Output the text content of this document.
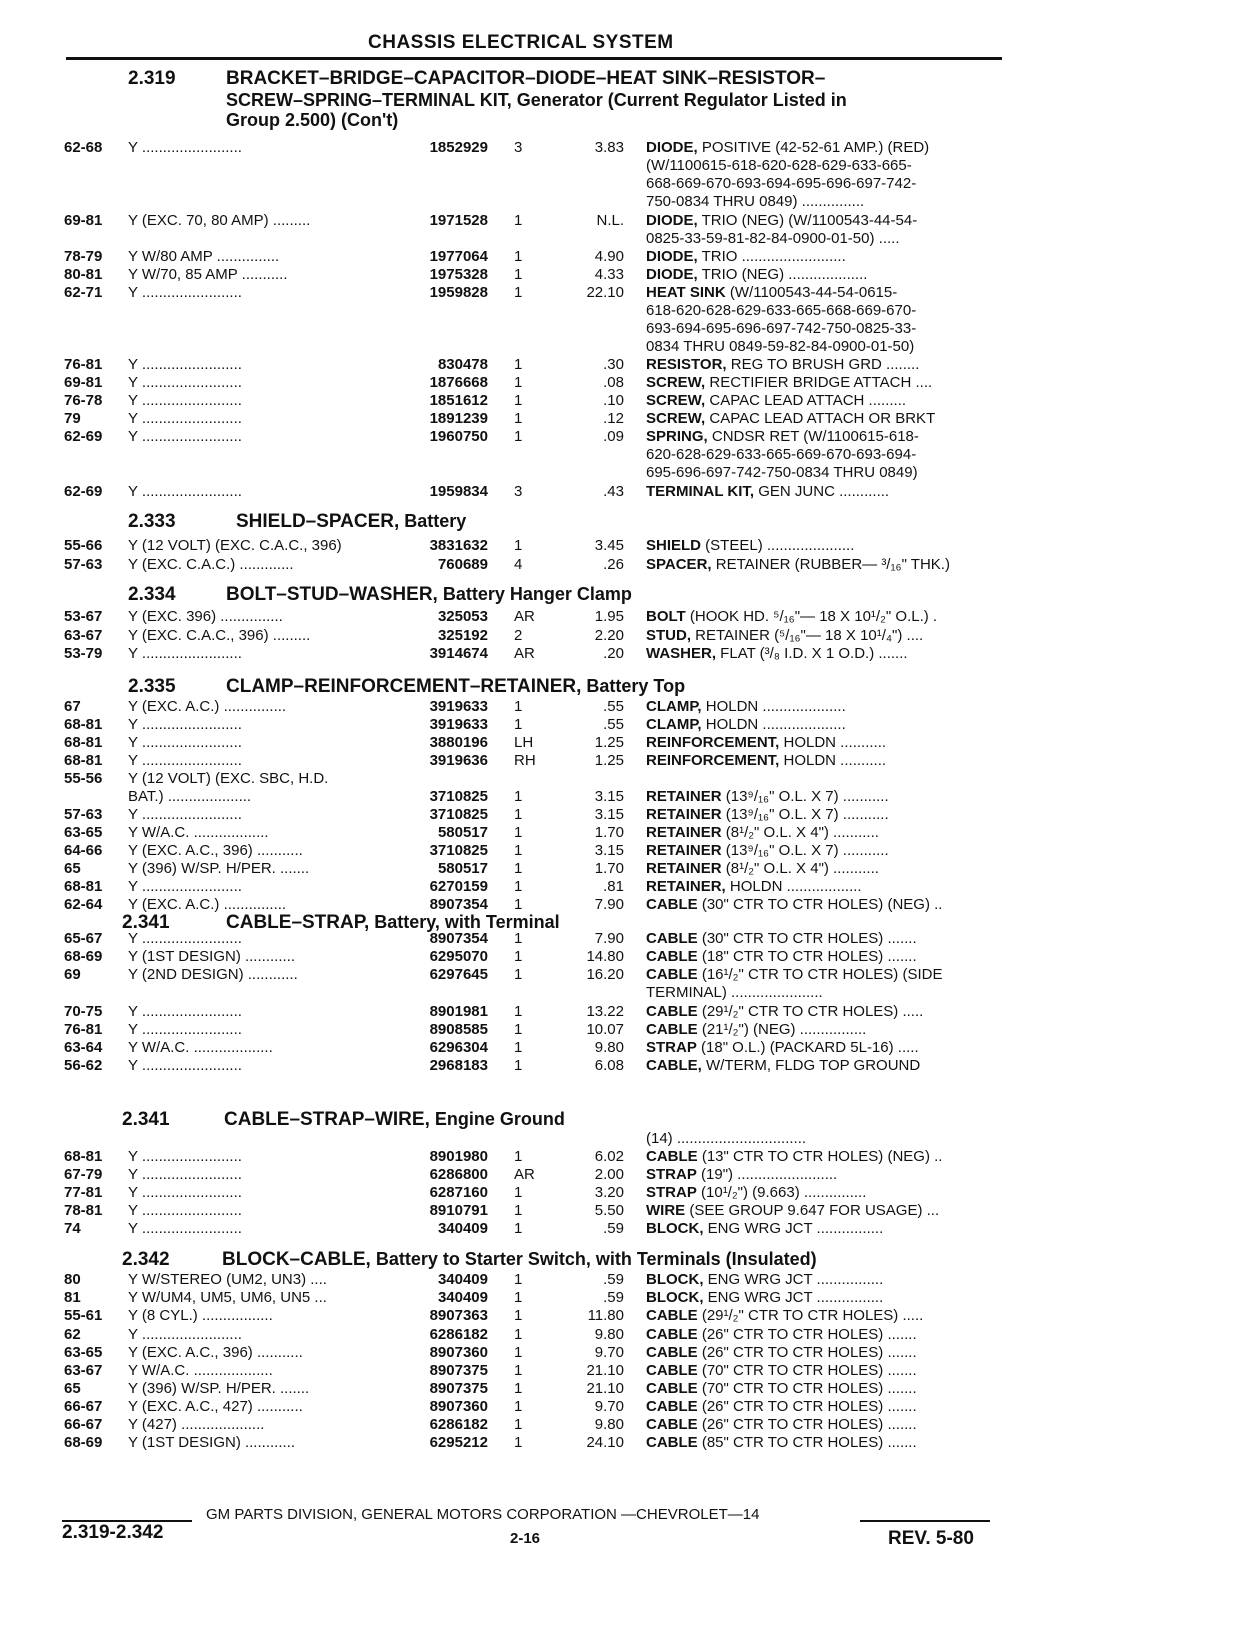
CHASSIS ELECTRICAL SYSTEM
2.319	BRACKET–BRIDGE–CAPACITOR–DIODE–HEAT SINK–RESISTOR–
SCREW–SPRING–TERMINAL KIT, Generator (Current Regulator Listed in
Group 2.500) (Con't)
2.333	SHIELD–SPACER, Battery
2.334	BOLT–STUD–WASHER, Battery Hanger Clamp
2.335	CLAMP–REINFORCEMENT–RETAINER, Battery Top
2.341	CABLE–STRAP, Battery, with Terminal
2.341	CABLE–STRAP–WIRE, Engine Ground
2.342	BLOCK–CABLE, Battery to Starter Switch, with Terminals (Insulated)
GM PARTS DIVISION, GENERAL MOTORS CORPORATION —CHEVROLET—14
2.319-2.342	2-16	REV. 5-80
62-68 Y ........................	1852929 3	3.83 DIODE, POSITIVE (42-52-61 AMP.) (RED)
(W/1100615-618-620-628-629-633-665-
668-669-670-693-694-695-696-697-742-
750-0834 THRU 0849) ...............
69-81 Y (EXC. 70, 80 AMP) .........	1971528 1	N.L. DIODE, TRIO (NEG) (W/1100543-44-54-
0825-33-59-81-82-84-0900-01-50) .....
78-79 Y W/80 AMP ...............	1977064 1	4.90 DIODE, TRIO .........................
80-81 Y W/70, 85 AMP ...........	1975328 1	4.33 DIODE, TRIO (NEG) ...................
62-71 Y ........................	1959828 1	22.10 HEAT SINK (W/1100543-44-54-0615-
618-620-628-629-633-665-668-669-670-
693-694-695-696-697-742-750-0825-33-
0834 THRU 0849-59-82-84-0900-01-50)
76-81 Y ........................	830478 1	.30 RESISTOR, REG TO BRUSH GRD ........
69-81 Y ........................	1876668 1	.08 SCREW, RECTIFIER BRIDGE ATTACH ....
76-78 Y ........................	1851612 1	.10 SCREW, CAPAC LEAD ATTACH .........
79	Y ........................	1891239 1	.12 SCREW, CAPAC LEAD ATTACH OR BRKT
62-69 Y ........................	1960750 1	.09 SPRING, CNDSR RET (W/1100615-618-
620-628-629-633-665-669-670-693-694-
695-696-697-742-750-0834 THRU 0849)
62-69 Y ........................	1959834 3	.43 TERMINAL KIT, GEN JUNC ............
55-66 Y (12 VOLT) (EXC. C.A.C., 396)	3831632 1	3.45 SHIELD (STEEL) .....................
57-63 Y (EXC. C.A.C.) .............	760689 4	.26 SPACER, RETAINER (RUBBER— ³/₁₆" THK.)
53-67 Y (EXC. 396) ...............	325053 AR	1.95 BOLT (HOOK HD. ⁵/₁₆"— 18 X 10¹/₂" O.L.) .
63-67 Y (EXC. C.A.C., 396) .........	325192 2	2.20 STUD, RETAINER (⁵/₁₆"— 18 X 10¹/₄") ....
53-79 Y ........................	3914674 AR	.20 WASHER, FLAT (³/₈ I.D. X 1 O.D.) .......
67	Y (EXC. A.C.) ...............	3919633 1	.55 CLAMP, HOLDN ....................
68-81 Y ........................	3919633 1	.55 CLAMP, HOLDN ....................
68-81 Y ........................	3880196 LH	1.25 REINFORCEMENT, HOLDN ...........
68-81 Y ........................	3919636 RH	1.25 REINFORCEMENT, HOLDN ...........
55-56 Y (12 VOLT) (EXC. SBC, H.D.
BAT.) ....................	3710825 1	3.15 RETAINER (13⁹/₁₆" O.L. X 7) ...........
57-63 Y ........................	3710825 1	3.15 RETAINER (13⁹/₁₆" O.L. X 7) ...........
63-65 Y W/A.C. ..................	580517 1	1.70 RETAINER (8¹/₂" O.L. X 4") ...........
64-66 Y (EXC. A.C., 396) ...........	3710825 1	3.15 RETAINER (13⁹/₁₆" O.L. X 7) ...........
65	Y (396) W/SP. H/PER. .......	580517 1	1.70 RETAINER (8¹/₂" O.L. X 4") ...........
68-81 Y ........................	6270159 1	.81 RETAINER, HOLDN ..................
62-64 Y (EXC. A.C.) ...............	8907354 1	7.90 CABLE (30" CTR TO CTR HOLES) (NEG) ..
65-67 Y ........................	8907354 1	7.90 CABLE (30" CTR TO CTR HOLES) .......
68-69 Y (1ST DESIGN) ............	6295070 1	14.80 CABLE (18" CTR TO CTR HOLES) .......
69	Y (2ND DESIGN) ............	6297645 1	16.20 CABLE (16¹/₂" CTR TO CTR HOLES) (SIDE
TERMINAL) ......................
70-75 Y ........................	8901981 1	13.22 CABLE (29¹/₂" CTR TO CTR HOLES) .....
76-81 Y ........................	8908585 1	10.07 CABLE (21¹/₂") (NEG) ................
63-64 Y W/A.C. ...................	6296304 1	9.80 STRAP (18" O.L.) (PACKARD 5L-16) .....
56-62 Y ........................	2968183 1	6.08 CABLE, W/TERM, FLDG TOP GROUND
(14) ...............................
68-81 Y ........................	8901980 1	6.02 CABLE (13" CTR TO CTR HOLES) (NEG) ..
67-79 Y ........................	6286800 AR	2.00 STRAP (19") ........................
77-81 Y ........................	6287160 1	3.20 STRAP (10¹/₂") (9.663) ...............
78-81 Y ........................	8910791 1	5.50 WIRE (SEE GROUP 9.647 FOR USAGE) ...
74	Y ........................	340409 1	.59 BLOCK, ENG WRG JCT ................
80	Y W/STEREO (UM2, UN3) ....	340409 1	.59 BLOCK, ENG WRG JCT ................
81	Y W/UM4, UM5, UM6, UN5 ...	340409 1	.59 BLOCK, ENG WRG JCT ................
55-61 Y (8 CYL.) .................	8907363 1	11.80 CABLE (29¹/₂" CTR TO CTR HOLES) .....
62	Y ........................	6286182 1	9.80 CABLE (26" CTR TO CTR HOLES) .......
63-65 Y (EXC. A.C., 396) ...........	8907360 1	9.70 CABLE (26" CTR TO CTR HOLES) .......
63-67 Y W/A.C. ...................	8907375 1	21.10 CABLE (70" CTR TO CTR HOLES) .......
65	Y (396) W/SP. H/PER. .......	8907375 1	21.10 CABLE (70" CTR TO CTR HOLES) .......
66-67 Y (EXC. A.C., 427) ...........	8907360 1	9.70 CABLE (26" CTR TO CTR HOLES) .......
66-67 Y (427) ....................	6286182 1	9.80 CABLE (26" CTR TO CTR HOLES) .......
68-69 Y (1ST DESIGN) ............	6295212 1	24.10 CABLE (85" CTR TO CTR HOLES) .......
